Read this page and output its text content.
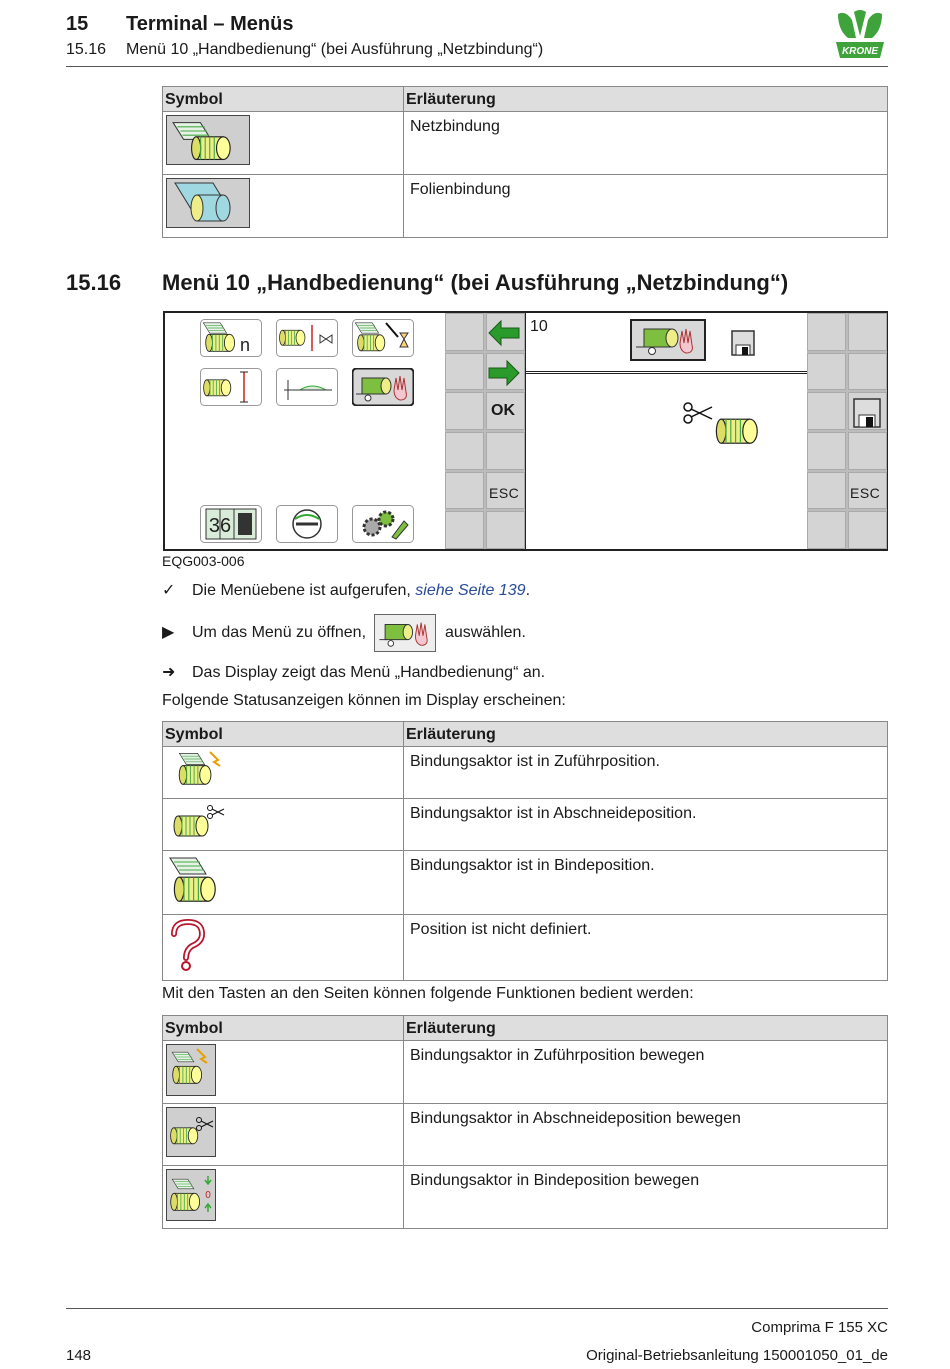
15 Terminal – Menüs
15.16 Menü 10 „Handbedienung“ (bei Ausführung „Netzbindung“)	KRONE
Symbol	Erläuterung
	Netzbindung
	Folienbindung
15.16 Menü 10 „Handbedienung“ (bei Ausführung „Netzbindung“)
n
36
OK
ESC
10
ESC
EQG003-006
✓ Die Menüebene ist aufgerufen, siehe Seite 139.
▶ Um das Menü zu öffnen,	auswählen.
➜ Das Display zeigt das Menü „Handbedienung“ an.
Folgende Statusanzeigen können im Display erscheinen:
Symbol	Erläuterung
	Bindungsaktor ist in Zuführposition.
	Bindungsaktor ist in Abschneideposition.
	Bindungsaktor ist in Bindeposition.
	Position ist nicht definiert.
Mit den Tasten an den Seiten können folgende Funktionen bedient werden:
Symbol	Erläuterung
	Bindungsaktor in Zuführposition bewegen
	Bindungsaktor in Abschneideposition bewegen

0	Bindungsaktor in Bindeposition bewegen
Comprima F 155 XC
148	Original-Betriebsanleitung 150001050_01_de
